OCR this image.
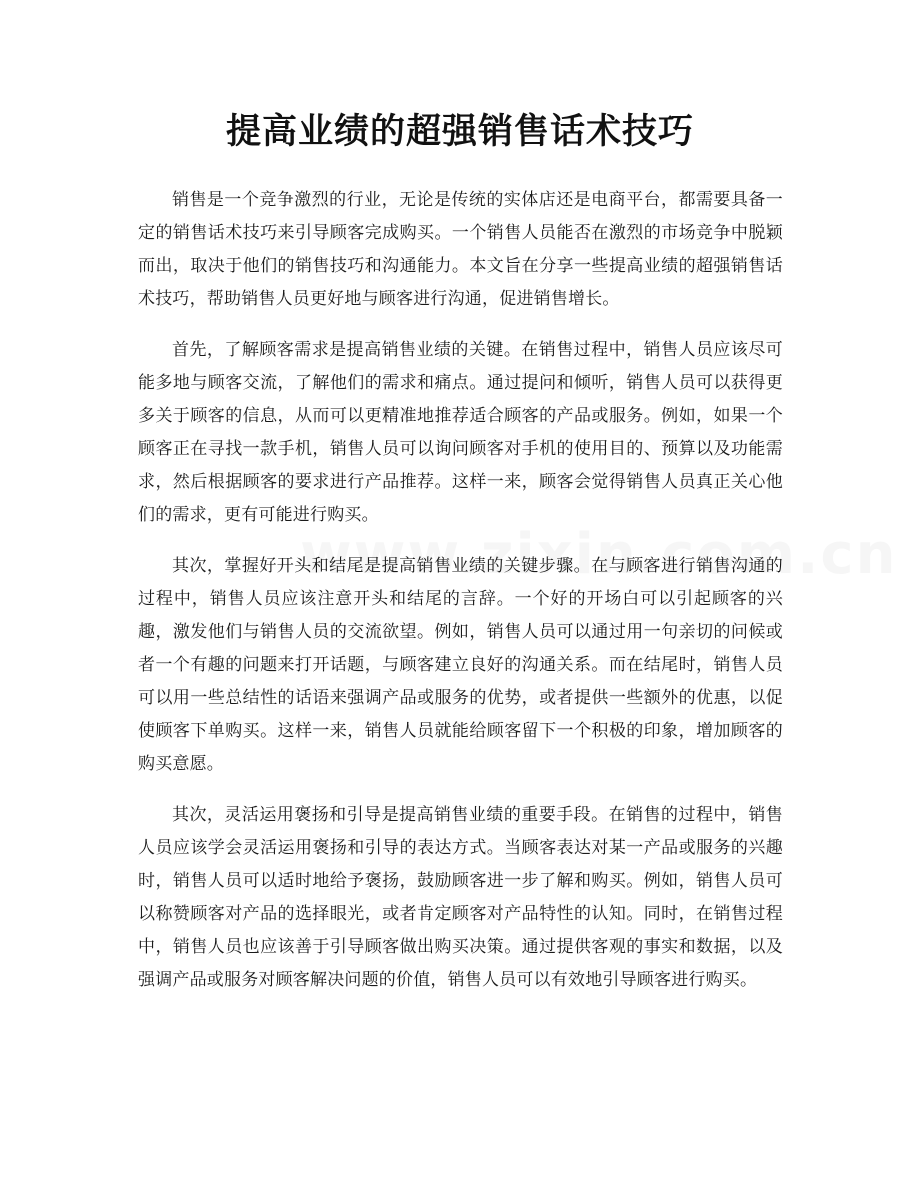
提高业绩的超强销售话术技巧

销售是一个竞争激烈的行业，无论是传统的实体店还是电商平台，都需要具备一定的销售话术技巧来引导顾客完成购买。一个销售人员能否在激烈的市场竞争中脱颖而出，取决于他们的销售技巧和沟通能力。本文旨在分享一些提高业绩的超强销售话术技巧，帮助销售人员更好地与顾客进行沟通，促进销售增长。

首先，了解顾客需求是提高销售业绩的关键。在销售过程中，销售人员应该尽可能多地与顾客交流，了解他们的需求和痛点。通过提问和倾听，销售人员可以获得更多关于顾客的信息，从而可以更精准地推荐适合顾客的产品或服务。例如，如果一个顾客正在寻找一款手机，销售人员可以询问顾客对手机的使用目的、预算以及功能需求，然后根据顾客的要求进行产品推荐。这样一来，顾客会觉得销售人员真正关心他们的需求，更有可能进行购买。

其次，掌握好开头和结尾是提高销售业绩的关键步骤。在与顾客进行销售沟通的过程中，销售人员应该注意开头和结尾的言辞。一个好的开场白可以引起顾客的兴趣，激发他们与销售人员的交流欲望。例如，销售人员可以通过用一句亲切的问候或者一个有趣的问题来打开话题，与顾客建立良好的沟通关系。而在结尾时，销售人员可以用一些总结性的话语来强调产品或服务的优势，或者提供一些额外的优惠，以促使顾客下单购买。这样一来，销售人员就能给顾客留下一个积极的印象，增加顾客的购买意愿。

其次，灵活运用褒扬和引导是提高销售业绩的重要手段。在销售的过程中，销售人员应该学会灵活运用褒扬和引导的表达方式。当顾客表达对某一产品或服务的兴趣时，销售人员可以适时地给予褒扬，鼓励顾客进一步了解和购买。例如，销售人员可以称赞顾客对产品的选择眼光，或者肯定顾客对产品特性的认知。同时，在销售过程中，销售人员也应该善于引导顾客做出购买决策。通过提供客观的事实和数据，以及强调产品或服务对顾客解决问题的价值，销售人员可以有效地引导顾客进行购买。
